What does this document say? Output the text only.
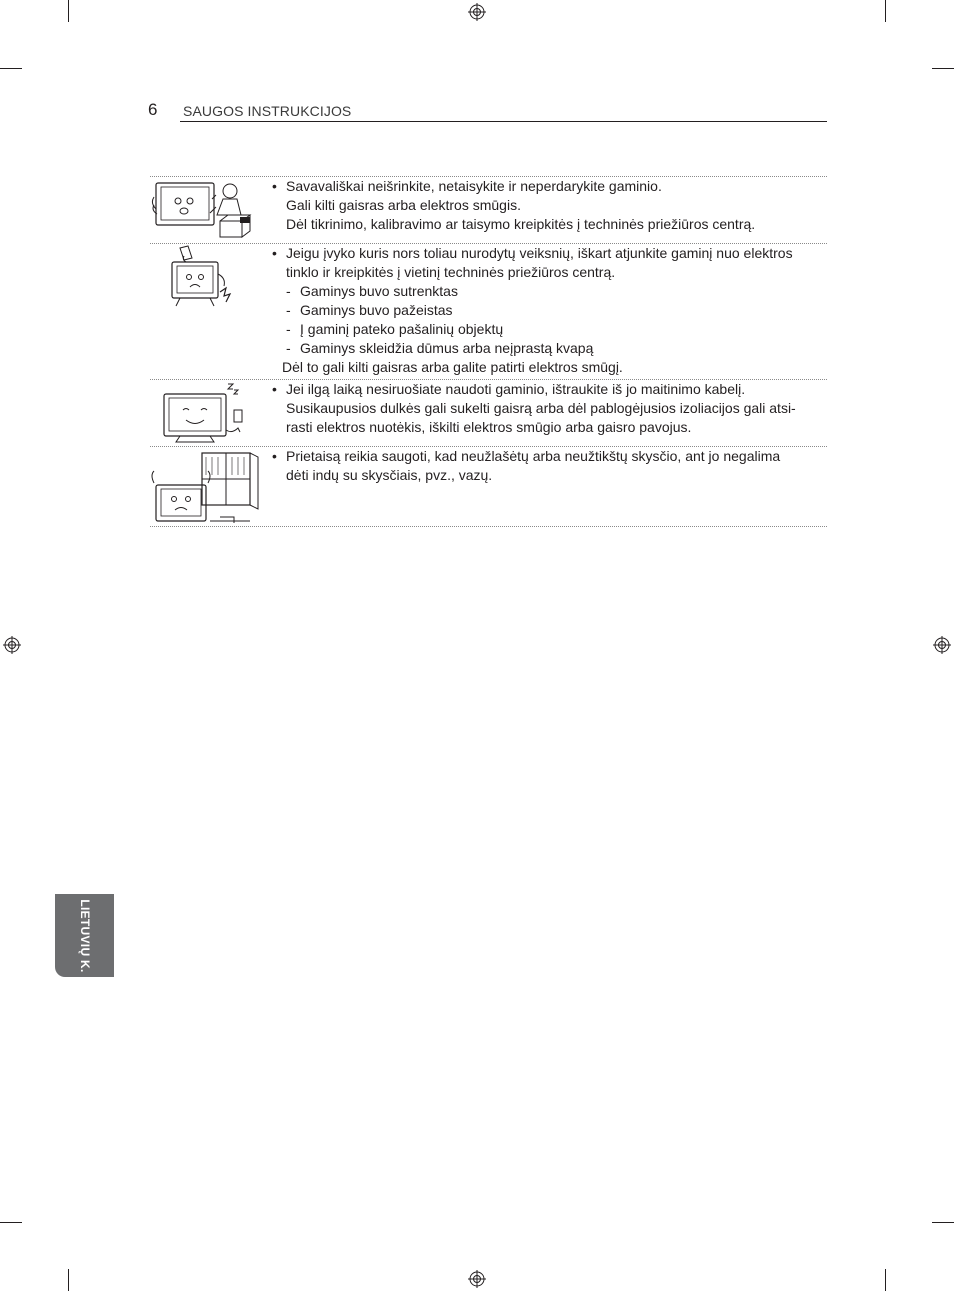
6 SAUGOS INSTRUKCIJOS
• Savavališkai neišrinkite, netaisykite ir neperdarykite gaminio.
Gali kilti gaisras arba elektros smūgis.
Dėl tikrinimo, kalibravimo ar taisymo kreipkitės į techninės priežiūros centrą.
• Jeigu įvyko kuris nors toliau nurodytų veiksnių, iškart atjunkite gaminį nuo elektros
tinklo ir kreipkitės į vietinį techninės priežiūros centrą.
- Gaminys buvo sutrenktas
- Gaminys buvo pažeistas
- Į gaminį pateko pašalinių objektų
- Gaminys skleidžia dūmus arba neįprastą kvapą
Dėl to gali kilti gaisras arba galite patirti elektros smūgį.
• Jei ilgą laiką nesiruošiate naudoti gaminio, ištraukite iš jo maitinimo kabelį.
Susikaupusios dulkės gali sukelti gaisrą arba dėl pablogėjusios izoliacijos gali atsi-
rasti elektros nuotėkis, iškilti elektros smūgio arba gaisro pavojus.
• Prietaisą reikia saugoti, kad neužlašėtų arba neužtikštų skysčio, ant jo negalima
dėti indų su skysčiais, pvz., vazų.
LIETUVIŲ K.
